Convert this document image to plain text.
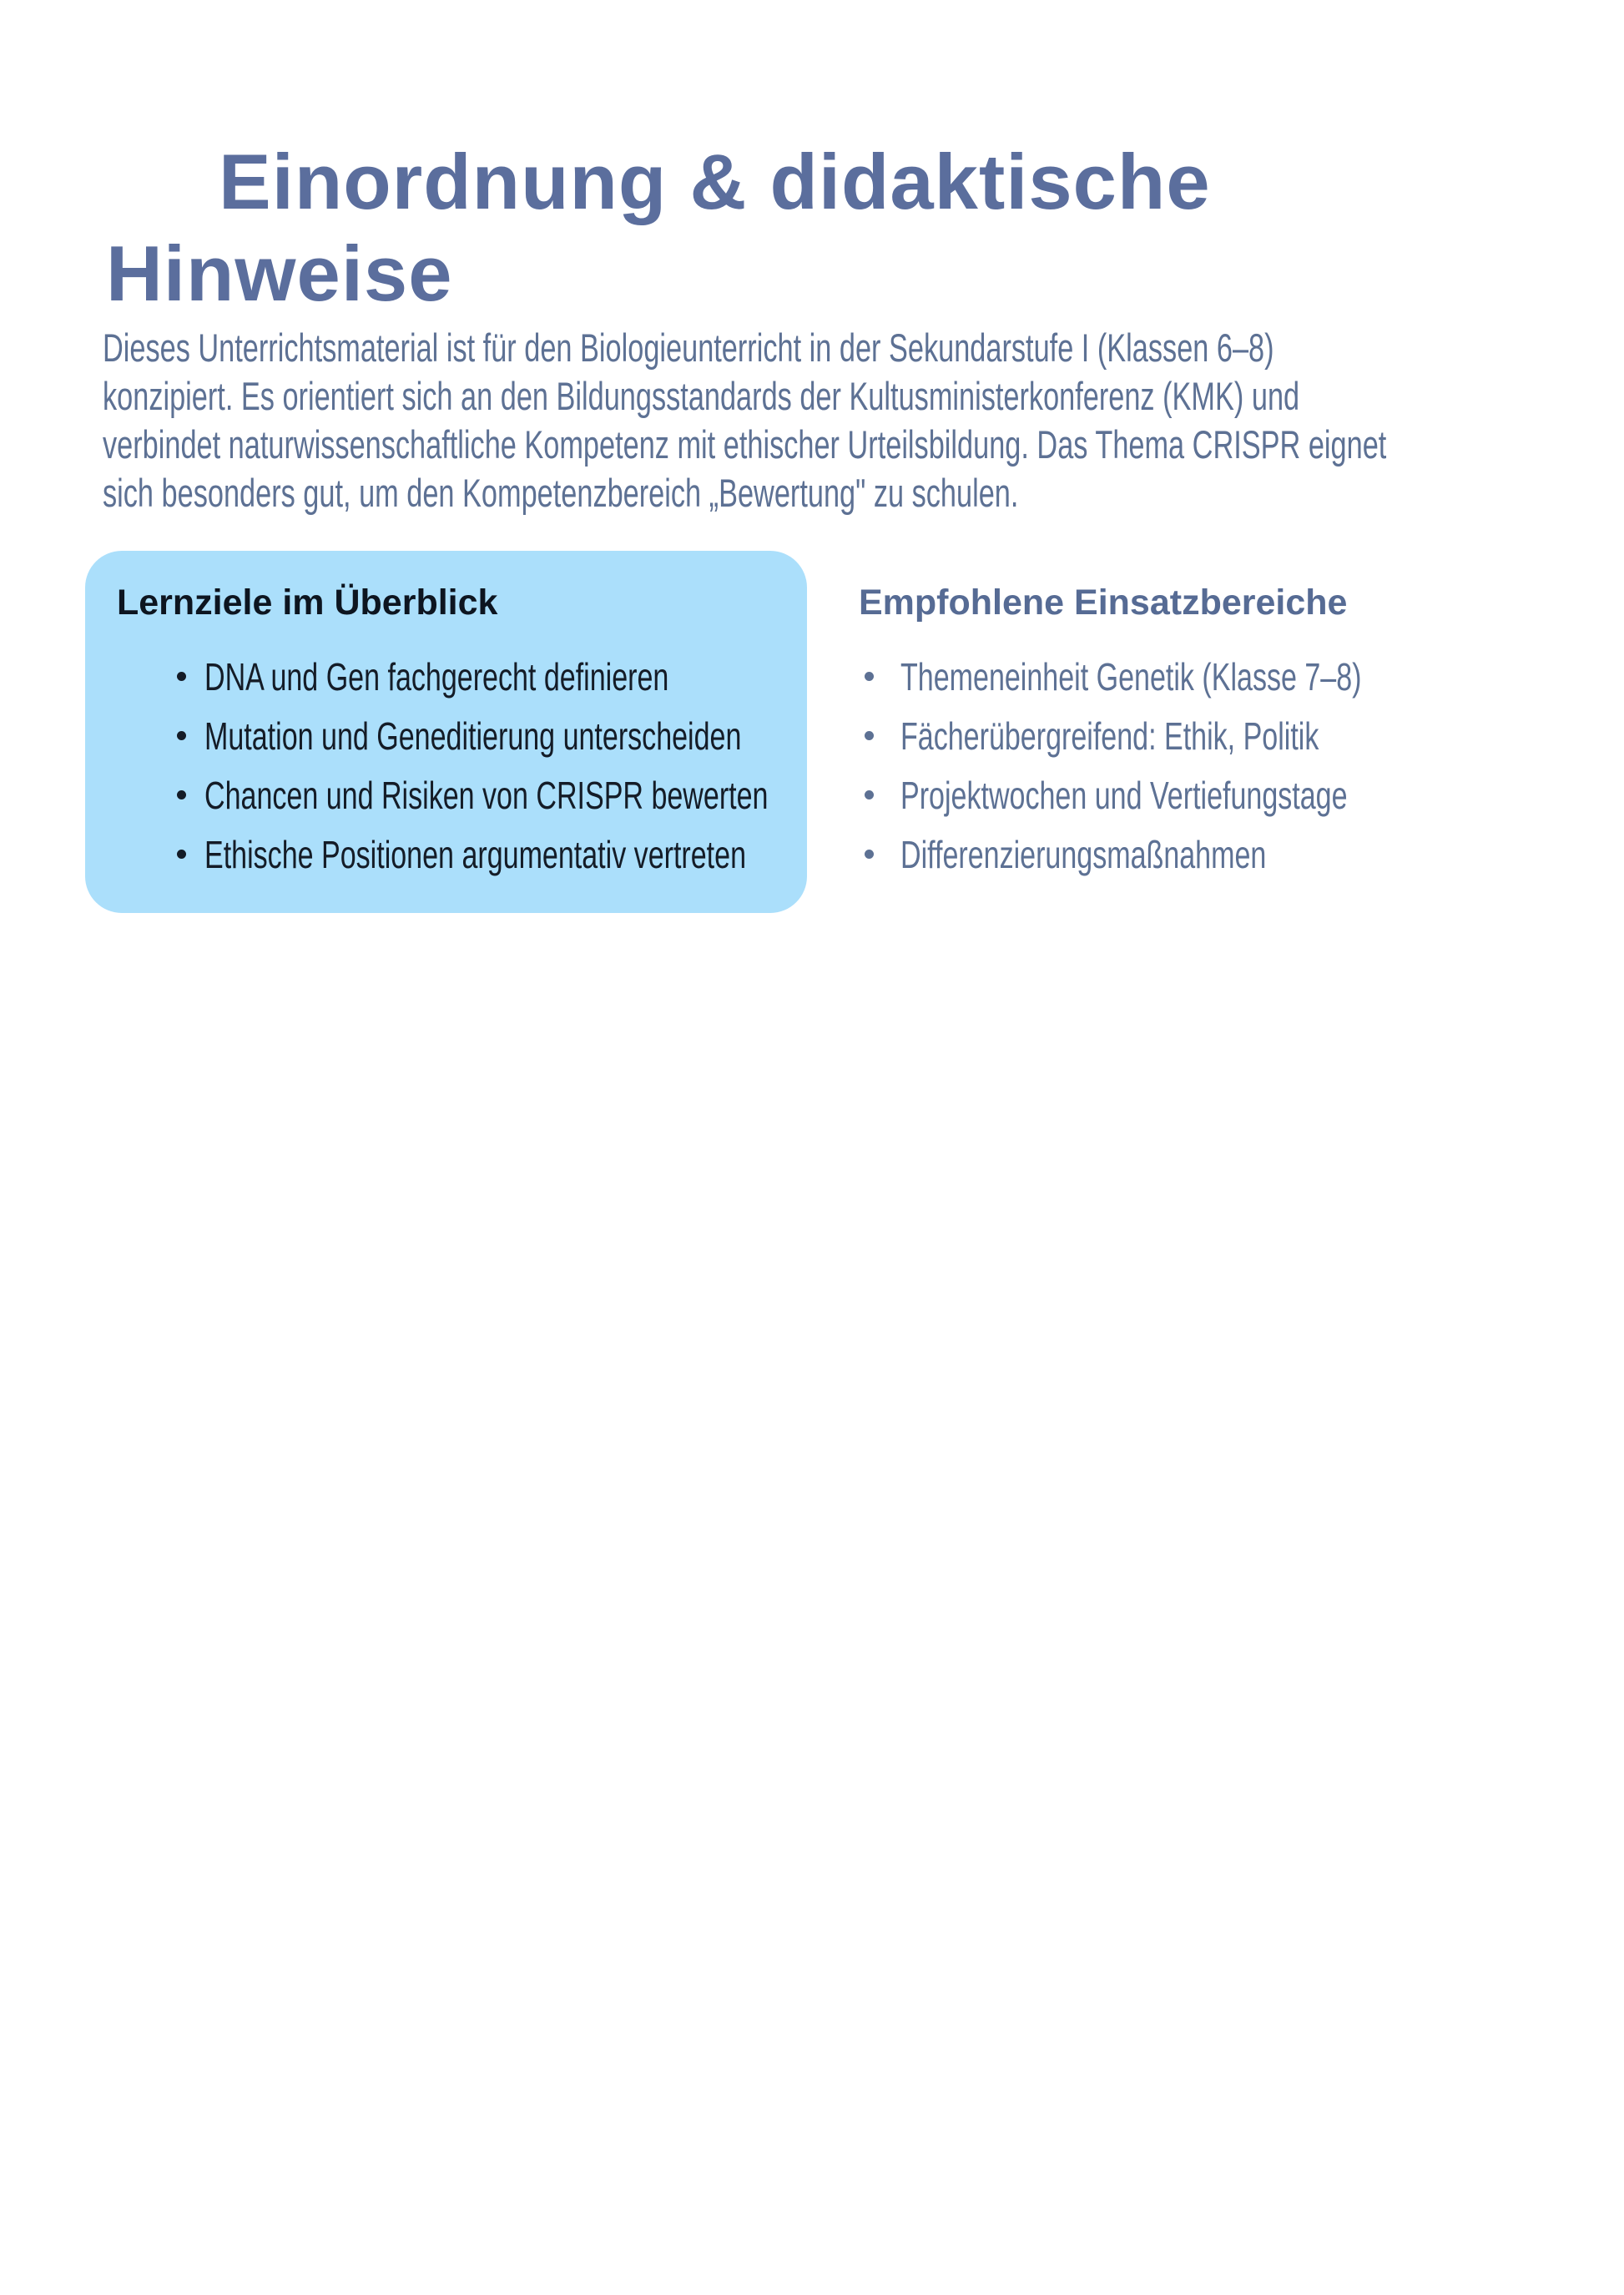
Einordnung & didaktische
Hinweise

Dieses Unterrichtsmaterial ist für den Biologieunterricht in der Sekundarstufe I (Klassen 6–8)
konzipiert. Es orientiert sich an den Bildungsstandards der Kultusministerkonferenz (KMK) und
verbindet naturwissenschaftliche Kompetenz mit ethischer Urteilsbildung. Das Thema CRISPR eignet
sich besonders gut, um den Kompetenzbereich „Bewertung" zu schulen.

Lernziele im Überblick
DNA und Gen fachgerecht definieren
Mutation und Geneditierung unterscheiden
Chancen und Risiken von CRISPR bewerten
Ethische Positionen argumentativ vertreten
Empfohlene Einsatzbereiche
Themeneinheit Genetik (Klasse 7–8)
Fächerübergreifend: Ethik, Politik
Projektwochen und Vertiefungstage
Differenzierungsmaßnahmen
